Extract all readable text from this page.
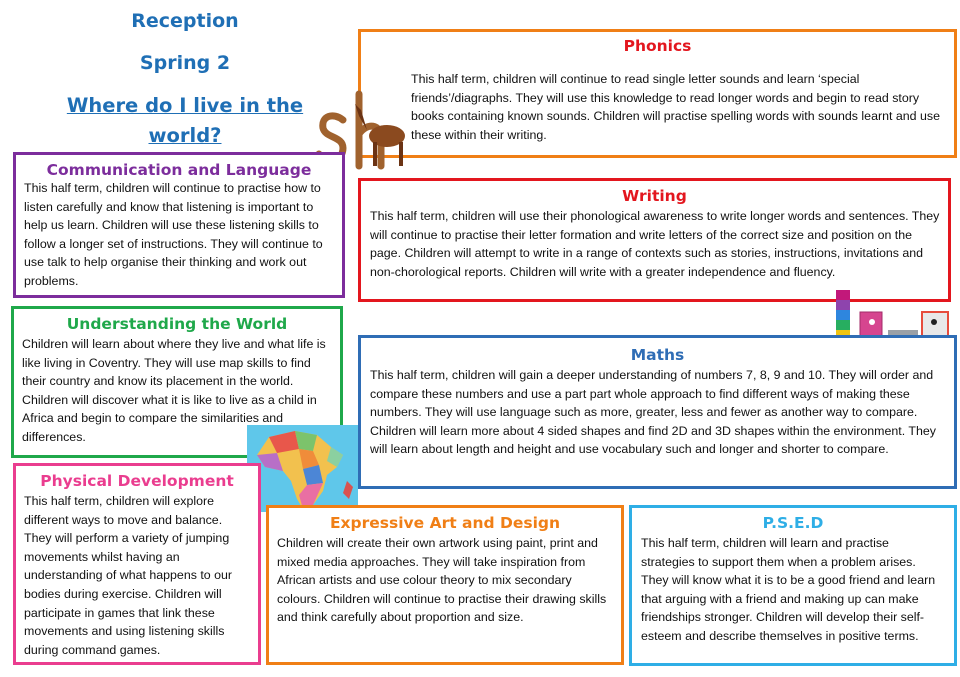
Reception
Spring 2
Where do I live in the world?
Phonics

This half term, children will continue to read single letter sounds and learn ‘special friends’/diagraphs. They will use this knowledge to read longer words and begin to read story books containing known sounds. Children will practise spelling words with sounds learnt and use these within their writing.

Communication and Language

This half term, children will continue to practise how to listen carefully and know that listening is important to help us learn. Children will use these listening skills to follow a longer set of instructions. They will continue to use talk to help organise their thinking and work out problems.

Writing

This half term, children will use their phonological awareness to write longer words and sentences. They will continue to practise their letter formation and write letters of the correct size and position on the page. Children will attempt to write in a range of contexts such as stories, instructions, invitations and non-chorological reports. Children will write with a greater independence and fluency.

Understanding the World

Children will learn about where they live and what life is like living in Coventry. They will use map skills to find their country and know its placement in the world. Children will discover what it is like to live as a child in Africa and begin to compare the similarities and differences.

Maths

This half term, children will gain a deeper understanding of numbers 7, 8, 9 and 10. They will order and compare these numbers and use a part part whole approach to find different ways of making these numbers. They will use language such as more, greater, less and fewer as another way to compare. Children will learn more about 4 sided shapes and find 2D and 3D shapes within the environment. They will learn about length and height and use vocabulary such and longer and shorter to compare.

Physical Development

This half term, children will explore different ways to move and balance. They will perform a variety of jumping movements whilst having an understanding of what happens to our bodies during exercise. Children will participate in games that link these movements and using listening skills during command games.

Expressive Art and Design

Children will create their own artwork using paint, print and mixed media approaches. They will take inspiration from African artists and use colour theory to mix secondary colours. Children will continue to practise their drawing skills and think carefully about proportion and size.

P.S.E.D

This half term, children will learn and practise strategies to support them when a problem arises. They will know what it is to be a good friend and learn that arguing with a friend and making up can make friendships stronger. Children will develop their self-esteem and describe themselves in positive terms.
